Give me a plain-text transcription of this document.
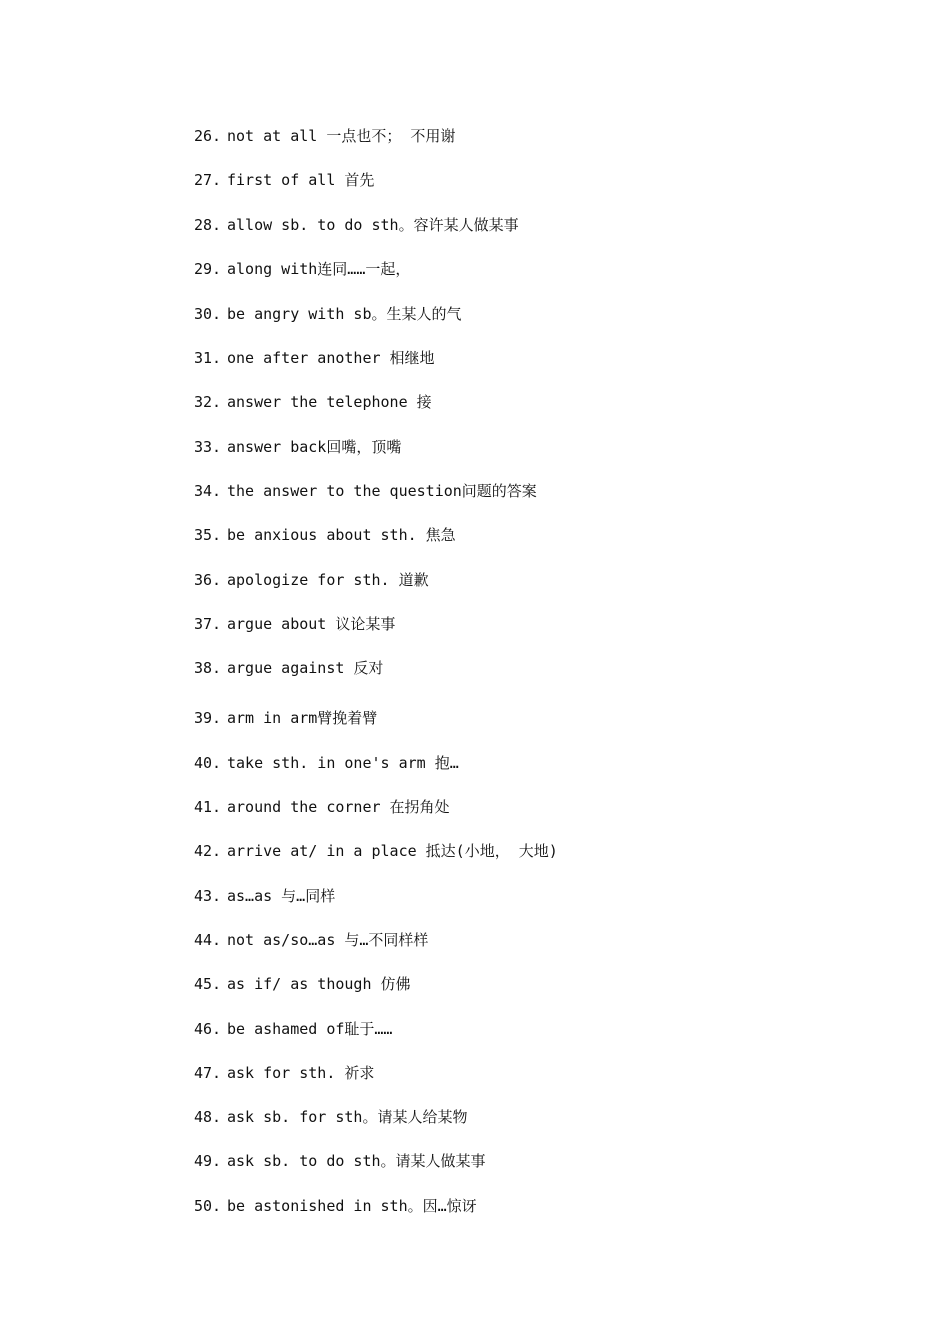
26. not at all 一点也不； 不用谢
27. first of all 首先
28. allow sb. to do sth。容许某人做某事
29. along with连同……一起，
30. be angry with sb。生某人的气
31. one after another 相继地
32. answer the telephone 接
33. answer back回嘴，顶嘴
34. the answer to the question问题的答案
35. be anxious about sth. 焦急
36. apologize for sth. 道歉
37. argue about 议论某事
38. argue against 反对
39. arm in arm臂挽着臂
40. take sth. in one's arm 抱…
41. around the corner 在拐角处
42. arrive at/ in a place 抵达(小地， 大地)
43. as…as 与…同样
44. not as/so…as 与…不同样样
45. as if/ as though 仿佛
46. be ashamed of耻于……
47. ask for sth. 祈求
48. ask sb. for sth。请某人给某物
49. ask sb. to do sth。请某人做某事
50. be astonished in sth。因…惊讶
